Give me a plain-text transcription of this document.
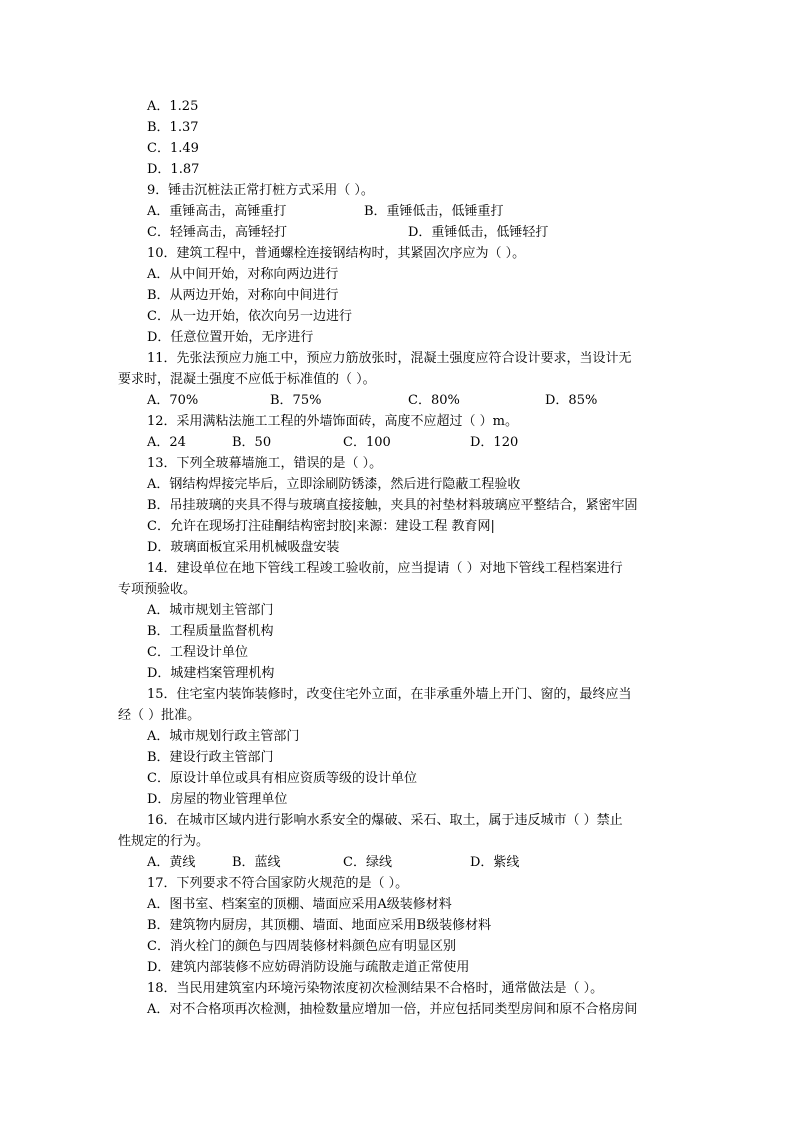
A．1.25
B．1.37
C．1.49
D．1.87
9．锤击沉桩法正常打桩方式采用（ ）。
A．重锤高击，高锤重打	B．重锤低击，低锤重打
C．轻锤高击，高锤轻打	D．重锤低击，低锤轻打
10．建筑工程中，普通螺栓连接钢结构时，其紧固次序应为（ ）。
A．从中间开始，对称向两边进行
B．从两边开始，对称向中间进行
C．从一边开始，依次向另一边进行
D．任意位置开始，无序进行
11．先张法预应力施工中，预应力筋放张时，混凝土强度应符合设计要求，当设计无
要求时，混凝土强度不应低于标准值的（ ）。
A．70%	B．75%	C．80%	D．85%
12．采用满粘法施工工程的外墙饰面砖，高度不应超过（ ）m。
A．24	B．50	C．100	D．120
13．下列全玻幕墙施工，错误的是（ ）。
A．钢结构焊接完毕后，立即涂刷防锈漆，然后进行隐蔽工程验收
B．吊挂玻璃的夹具不得与玻璃直接接触，夹具的衬垫材料玻璃应平整结合，紧密牢固
C．允许在现场打注硅酮结构密封胶|来源：建设工程 教育网|
D．玻璃面板宜采用机械吸盘安装
14．建设单位在地下管线工程竣工验收前，应当提请（ ）对地下管线工程档案进行
专项预验收。
A．城市规划主管部门
B．工程质量监督机构
C．工程设计单位
D．城建档案管理机构
15．住宅室内装饰装修时，改变住宅外立面，在非承重外墙上开门、窗的，最终应当
经（ ）批准。
A．城市规划行政主管部门
B．建设行政主管部门
C．原设计单位或具有相应资质等级的设计单位
D．房屋的物业管理单位
16．在城市区域内进行影响水系安全的爆破、采石、取土，属于违反城市（ ）禁止
性规定的行为。
A．黄线	B．蓝线	C．绿线	D．紫线
17．下列要求不符合国家防火规范的是（ ）。
A．图书室、档案室的顶棚、墙面应采用A级装修材料
B．建筑物内厨房，其顶棚、墙面、地面应采用B级装修材料
C．消火栓门的颜色与四周装修材料颜色应有明显区别
D．建筑内部装修不应妨碍消防设施与疏散走道正常使用
18．当民用建筑室内环境污染物浓度初次检测结果不合格时，通常做法是（ ）。
A．对不合格项再次检测，抽检数量应增加一倍，并应包括同类型房间和原不合格房间
